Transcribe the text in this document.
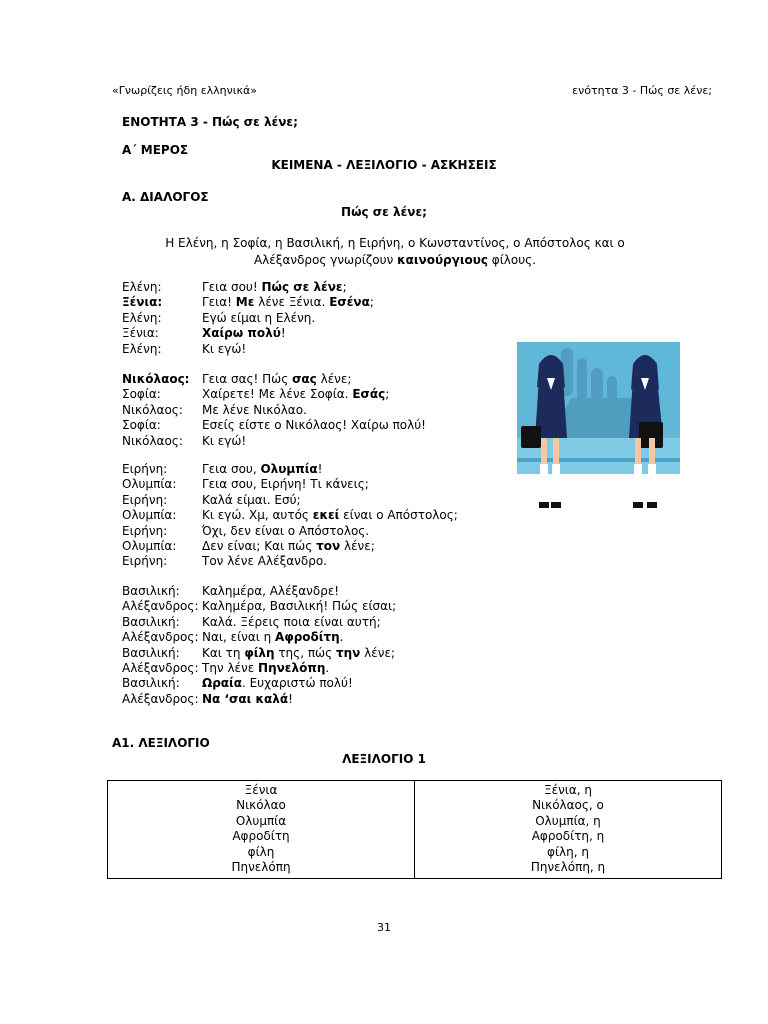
«Γνωρίζεις ήδη ελληνικά»	ενότητα 3 - Πώς σε λένε;
ΕΝΟΤΗΤΑ 3 - Πώς σε λένε;
Α΄ ΜΕΡΟΣ
ΚΕΙΜΕΝΑ - ΛΕΞΙΛΟΓΙΟ - ΑΣΚΗΣΕΙΣ
Α. ΔΙΑΛΟΓΟΣ
Πώς σε λένε;
Η Ελένη, η Σοφία, η Βασιλική, η Ειρήνη, ο Κωνσταντίνος, ο Απόστολος και ο
Αλέξανδρος γνωρίζουν καινούργιους φίλους.
Ελένη:	Γεια σου! Πώς σε λένε;
Ξένια:	Γεια! Με λένε Ξένια. Εσένα;
Ελένη:	Εγώ είμαι η Ελένη.
Ξένια:	Χαίρω πολύ!
Ελένη:	Κι εγώ!
Νικόλαος:	Γεια σας! Πώς σας λένε;
Σοφία:	Χαίρετε! Με λένε Σοφία. Εσάς;
Νικόλαος:	Με λένε Νικόλαο.
Σοφία:	Εσείς είστε ο Νικόλαος! Χαίρω πολύ!
Νικόλαος:	Κι εγώ!
Ειρήνη:	Γεια σου, Ολυμπία!
Ολυμπία:	Γεια σου, Ειρήνη! Τι κάνεις;
Ειρήνη:	Καλά είμαι. Εσύ;
Ολυμπία:	Κι εγώ. Χμ, αυτός εκεί είναι ο Απόστολος;
Ειρήνη:	Όχι, δεν είναι ο Απόστολος.
Ολυμπία:	Δεν είναι; Και πώς τον λένε;
Ειρήνη:	Τον λένε Αλέξανδρο.
Βασιλική:	Καλημέρα, Αλέξανδρε!
Αλέξανδρος: Καλημέρα, Βασιλική! Πώς είσαι;
Βασιλική:	Καλά. Ξέρεις ποια είναι αυτή;
Αλέξανδρος: Ναι, είναι η Αφροδίτη.
Βασιλική:	Και τη φίλη της, πώς την λένε;
Αλέξανδρος: Την λένε Πηνελόπη.
Βασιλική:	Ωραία. Ευχαριστώ πολύ!
Αλέξανδρος: Να ‘σαι καλά!
Α1. ΛΕΞΙΛΟΓΙΟ
ΛΕΞΙΛΟΓΙΟ 1
Ξένια
Νικόλαο
Ολυμπία
Αφροδίτη
φίλη
Πηνελόπη

Ξένια, η
Νικόλαος, ο
Ολυμπία, η
Αφροδίτη, η
φίλη, η
Πηνελόπη, η
31
